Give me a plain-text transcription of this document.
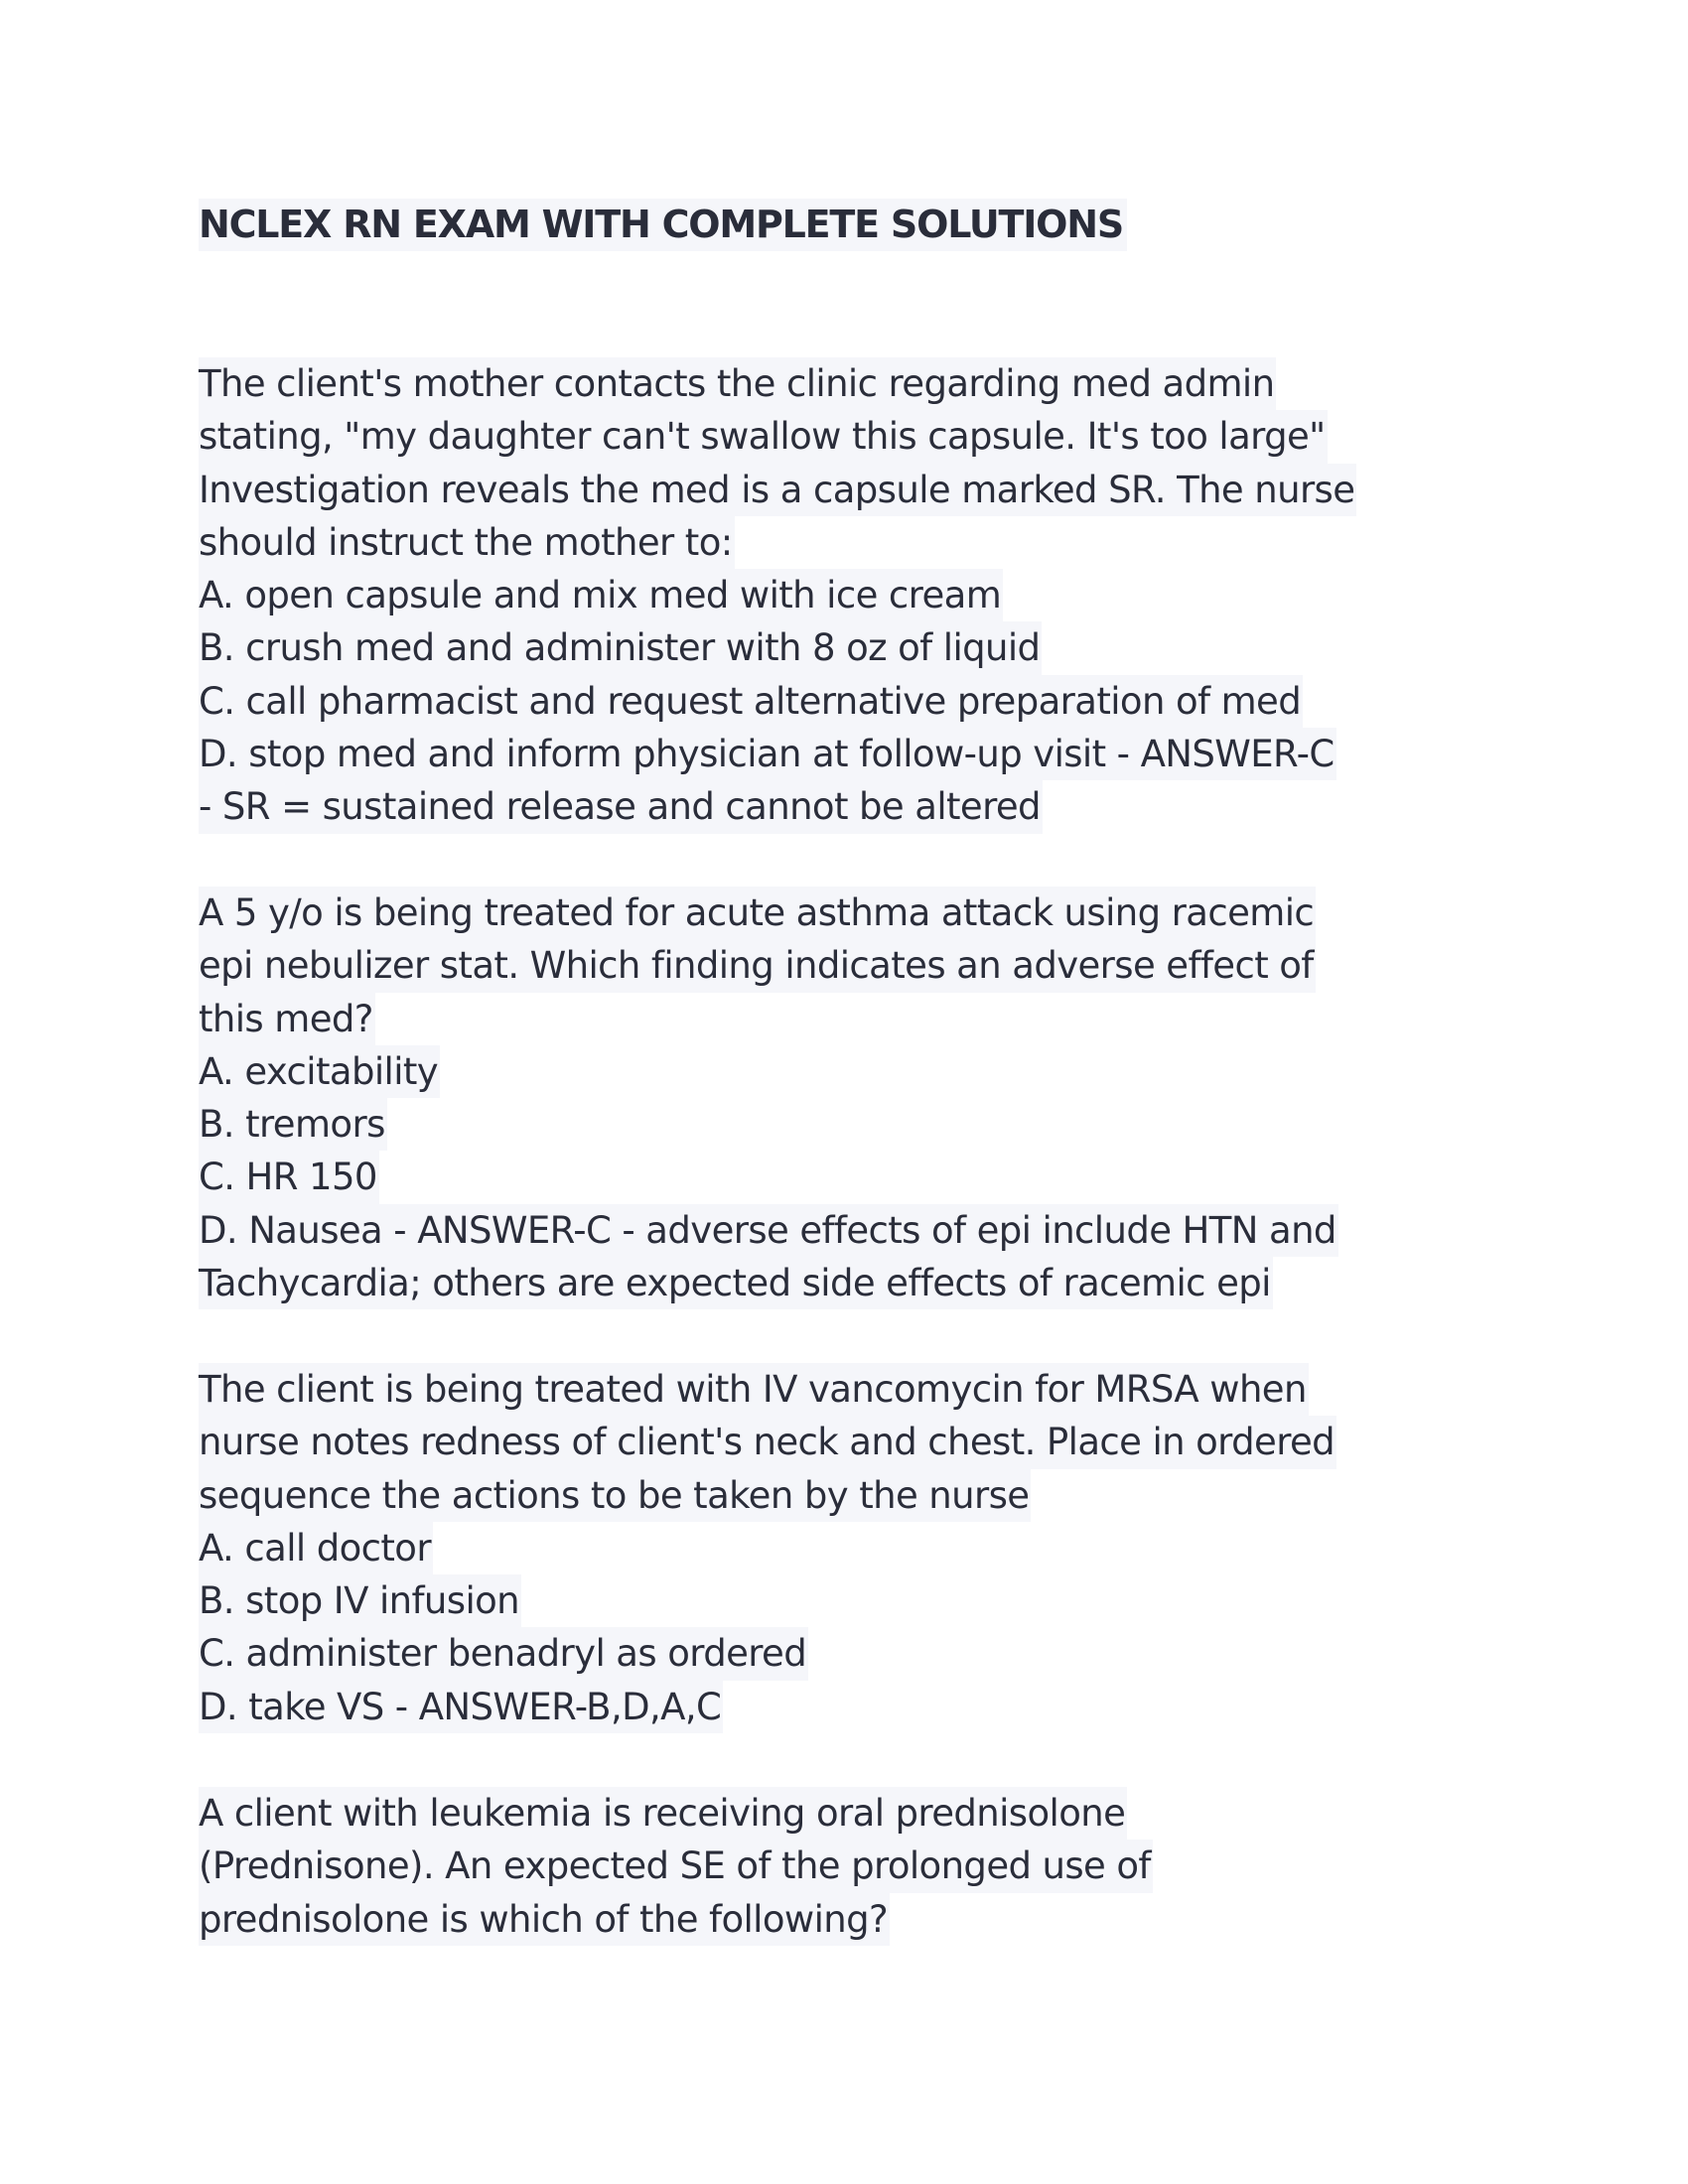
NCLEX RN EXAM WITH COMPLETE SOLUTIONS
The client's mother contacts the clinic regarding med admin
stating, "my daughter can't swallow this capsule. It's too large"
Investigation reveals the med is a capsule marked SR. The nurse
should instruct the mother to:
A. open capsule and mix med with ice cream
B. crush med and administer with 8 oz of liquid
C. call pharmacist and request alternative preparation of med
D. stop med and inform physician at follow-up visit - ANSWER-C
- SR = sustained release and cannot be altered
A 5 y/o is being treated for acute asthma attack using racemic
epi nebulizer stat. Which finding indicates an adverse effect of
this med?
A. excitability
B. tremors
C. HR 150
D. Nausea - ANSWER-C - adverse effects of epi include HTN and
Tachycardia; others are expected side effects of racemic epi
The client is being treated with IV vancomycin for MRSA when
nurse notes redness of client's neck and chest. Place in ordered
sequence the actions to be taken by the nurse
A. call doctor
B. stop IV infusion
C. administer benadryl as ordered
D. take VS - ANSWER-B,D,A,C
A client with leukemia is receiving oral prednisolone
(Prednisone). An expected SE of the prolonged use of
prednisolone is which of the following?
